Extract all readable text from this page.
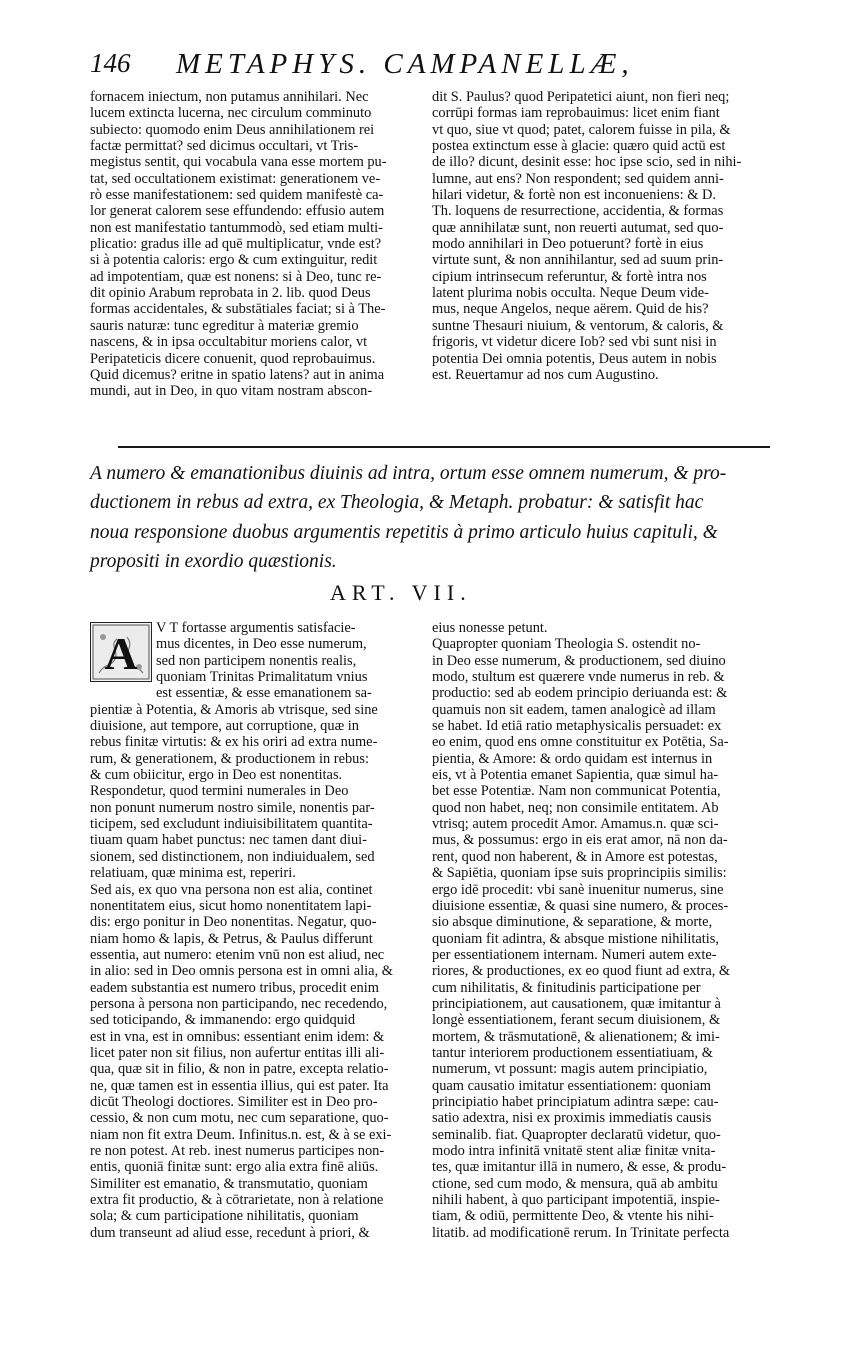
146 METAPHYS. CAMPANELLÆ,
fornacem iniectum, non putamus annihilari. Nec
lucem extincta lucerna, nec circulum comminuto
subiecto: quomodo enim Deus annihilationem rei
factæ permittat? sed dicimus occultari, vt Tris-
megistus sentit, qui vocabula vana esse mortem pu-
tat, sed occultationem existimat: generationem ve-
rò esse manifestationem: sed quidem manifestè ca-
lor generat calorem sese effundendo: effusio autem
non est manifestatio tantummodò, sed etiam multi-
plicatio: gradus ille ad quē multiplicatur, vnde est?
si à potentia caloris: ergo & cum extinguitur, redit
ad impotentiam, quæ est nonens: si à Deo, tunc re-
dit opinio Arabum reprobata in 2. lib. quod Deus
formas accidentales, & substātiales faciat; si à The-
sauris naturæ: tunc egreditur à materiæ gremio
nascens, & in ipsa occultabitur moriens calor, vt
Peripateticis dicere conuenit, quod reprobauimus.
Quid dicemus? eritne in spatio latens? aut in anima
mundi, aut in Deo, in quo vitam nostram abscon-
dit S. Paulus? quod Peripatetici aiunt, non fieri neq;
corrūpi formas iam reprobauimus: licet enim fiant
vt quo, siue vt quod; patet, calorem fuisse in pila, &
postea extinctum esse à glacie: quæro quid actū est
de illo? dicunt, desinit esse: hoc ipse scio, sed in nihi-
lumne, aut ens? Non respondent; sed quidem anni-
hilari videtur, & fortè non est inconueniens: & D.
Th. loquens de resurrectione, accidentia, & formas
quæ annihilatæ sunt, non reuerti autumat, sed quo-
modo annihilari in Deo potuerunt? fortè in eius
virtute sunt, & non annihilantur, sed ad suum prin-
cipium intrinsecum referuntur, & fortè intra nos
latent plurima nobis occulta. Neque Deum vide-
mus, neque Angelos, neque aërem. Quid de his?
suntne Thesauri niuium, & ventorum, & caloris, &
frigoris, vt videtur dicere Iob? sed vbi sunt nisi in
potentia Dei omnia potentis, Deus autem in nobis
est. Reuertamur ad nos cum Augustino.
A numero & emanationibus diuinis ad intra, ortum esse omnem numerum, & pro-
ductionem in rebus ad extra, ex Theologia, & Metaph. probatur: & satisfit hac
noua responsione duobus argumentis repetitis à primo articulo huius capituli, &
propositi in exordio quæstionis.
ART. VII.
A	V T fortasse argumentis satisfacie-
mus dicentes, in Deo esse numerum,
sed non participem nonentis realis,
quoniam Trinitas Primalitatum vnius
est essentiæ, & esse emanationem sa-
pientiæ à Potentia, & Amoris ab vtrisque, sed sine
diuisione, aut tempore, aut corruptione, quæ in
rebus finitæ virtutis: & ex his oriri ad extra nume-
rum, & generationem, & productionem in rebus:
& cum obiicitur, ergo in Deo est nonentitas.
Respondetur, quod termini numerales in Deo
non ponunt numerum nostro simile, nonentis par-
ticipem, sed excludunt indiuisibilitatem quantita-
tiuam quam habet punctus: nec tamen dant diui-
sionem, sed distinctionem, non indiuidualem, sed
relatiuam, quæ minima est, reperiri.
Sed ais, ex quo vna persona non est alia, continet
nonentitatem eius, sicut homo nonentitatem lapi-
dis: ergo ponitur in Deo nonentitas. Negatur, quo-
niam homo & lapis, & Petrus, & Paulus differunt
essentia, aut numero: etenim vnū non est aliud, nec
in alio: sed in Deo omnis persona est in omni alia, &
eadem substantia est numero tribus, procedit enim
persona à persona non participando, nec recedendo,
sed toticipando, & immanendo: ergo quidquid
est in vna, est in omnibus: essentiant enim idem: &
licet pater non sit filius, non aufertur entitas illi ali-
qua, quæ sit in filio, & non in patre, excepta relatio-
ne, quæ tamen est in essentia illius, qui est pater. Ita
dicūt Theologi doctiores. Similiter est in Deo pro-
cessio, & non cum motu, nec cum separatione, quo-
niam non fit extra Deum. Infinitus.n. est, & à se exi-
re non potest. At reb. inest numerus participes non-
entis, quoniā finitæ sunt: ergo alia extra finē aliūs.
Similiter est emanatio, & transmutatio, quoniam
extra fit productio, & à cōtrarietate, non à relatione
sola; & cum participatione nihilitatis, quoniam
dum transeunt ad aliud esse, recedunt à priori, &
eius nonesse petunt.
Quapropter quoniam Theologia S. ostendit no-
in Deo esse numerum, & productionem, sed diuino
modo, stultum est quærere vnde numerus in reb. &
productio: sed ab eodem principio deriuanda est: &
quamuis non sit eadem, tamen analogicè ad illam
se habet. Id etiā ratio metaphysicalis persuadet: ex
eo enim, quod ens omne constituitur ex Potētia, Sa-
pientia, & Amore: & ordo quidam est internus in
eis, vt à Potentia emanet Sapientia, quæ simul ha-
bet esse Potentiæ. Nam non communicat Potentia,
quod non habet, neq; non consimile entitatem. Ab
vtrisq; autem procedit Amor. Amamus.n. quæ sci-
mus, & possumus: ergo in eis erat amor, nā non da-
rent, quod non haberent, & in Amore est potestas,
& Sapiētia, quoniam ipse suis proprincipiis similis:
ergo idē procedit: vbi sanè inuenitur numerus, sine
diuisione essentiæ, & quasi sine numero, & proces-
sio absque diminutione, & separatione, & morte,
quoniam fit adintra, & absque mistione nihilitatis,
per essentiationem internam. Numeri autem exte-
riores, & productiones, ex eo quod fiunt ad extra, &
cum nihilitatis, & finitudinis participatione per
principiationem, aut causationem, quæ imitantur à
longè essentiationem, ferant secum diuisionem, &
mortem, & trāsmutationē, & alienationem; & imi-
tantur interiorem productionem essentiatiuam, &
numerum, vt possunt: magis autem principiatio,
quam causatio imitatur essentiationem: quoniam
principiatio habet principiatum adintra sæpe: cau-
satio adextra, nisi ex proximis immediatis causis
seminalib. fiat. Quapropter declaratū videtur, quo-
modo intra infinitā vnitatē stent aliæ finitæ vnita-
tes, quæ imitantur illā in numero, & esse, & produ-
ctione, sed cum modo, & mensura, quā ab ambitu
nihili habent, à quo participant impotentiā, inspie-
tiam, & odiū, permittente Deo, & vtente his nihi-
litatib. ad modificationē rerum. In Trinitate perfecta
